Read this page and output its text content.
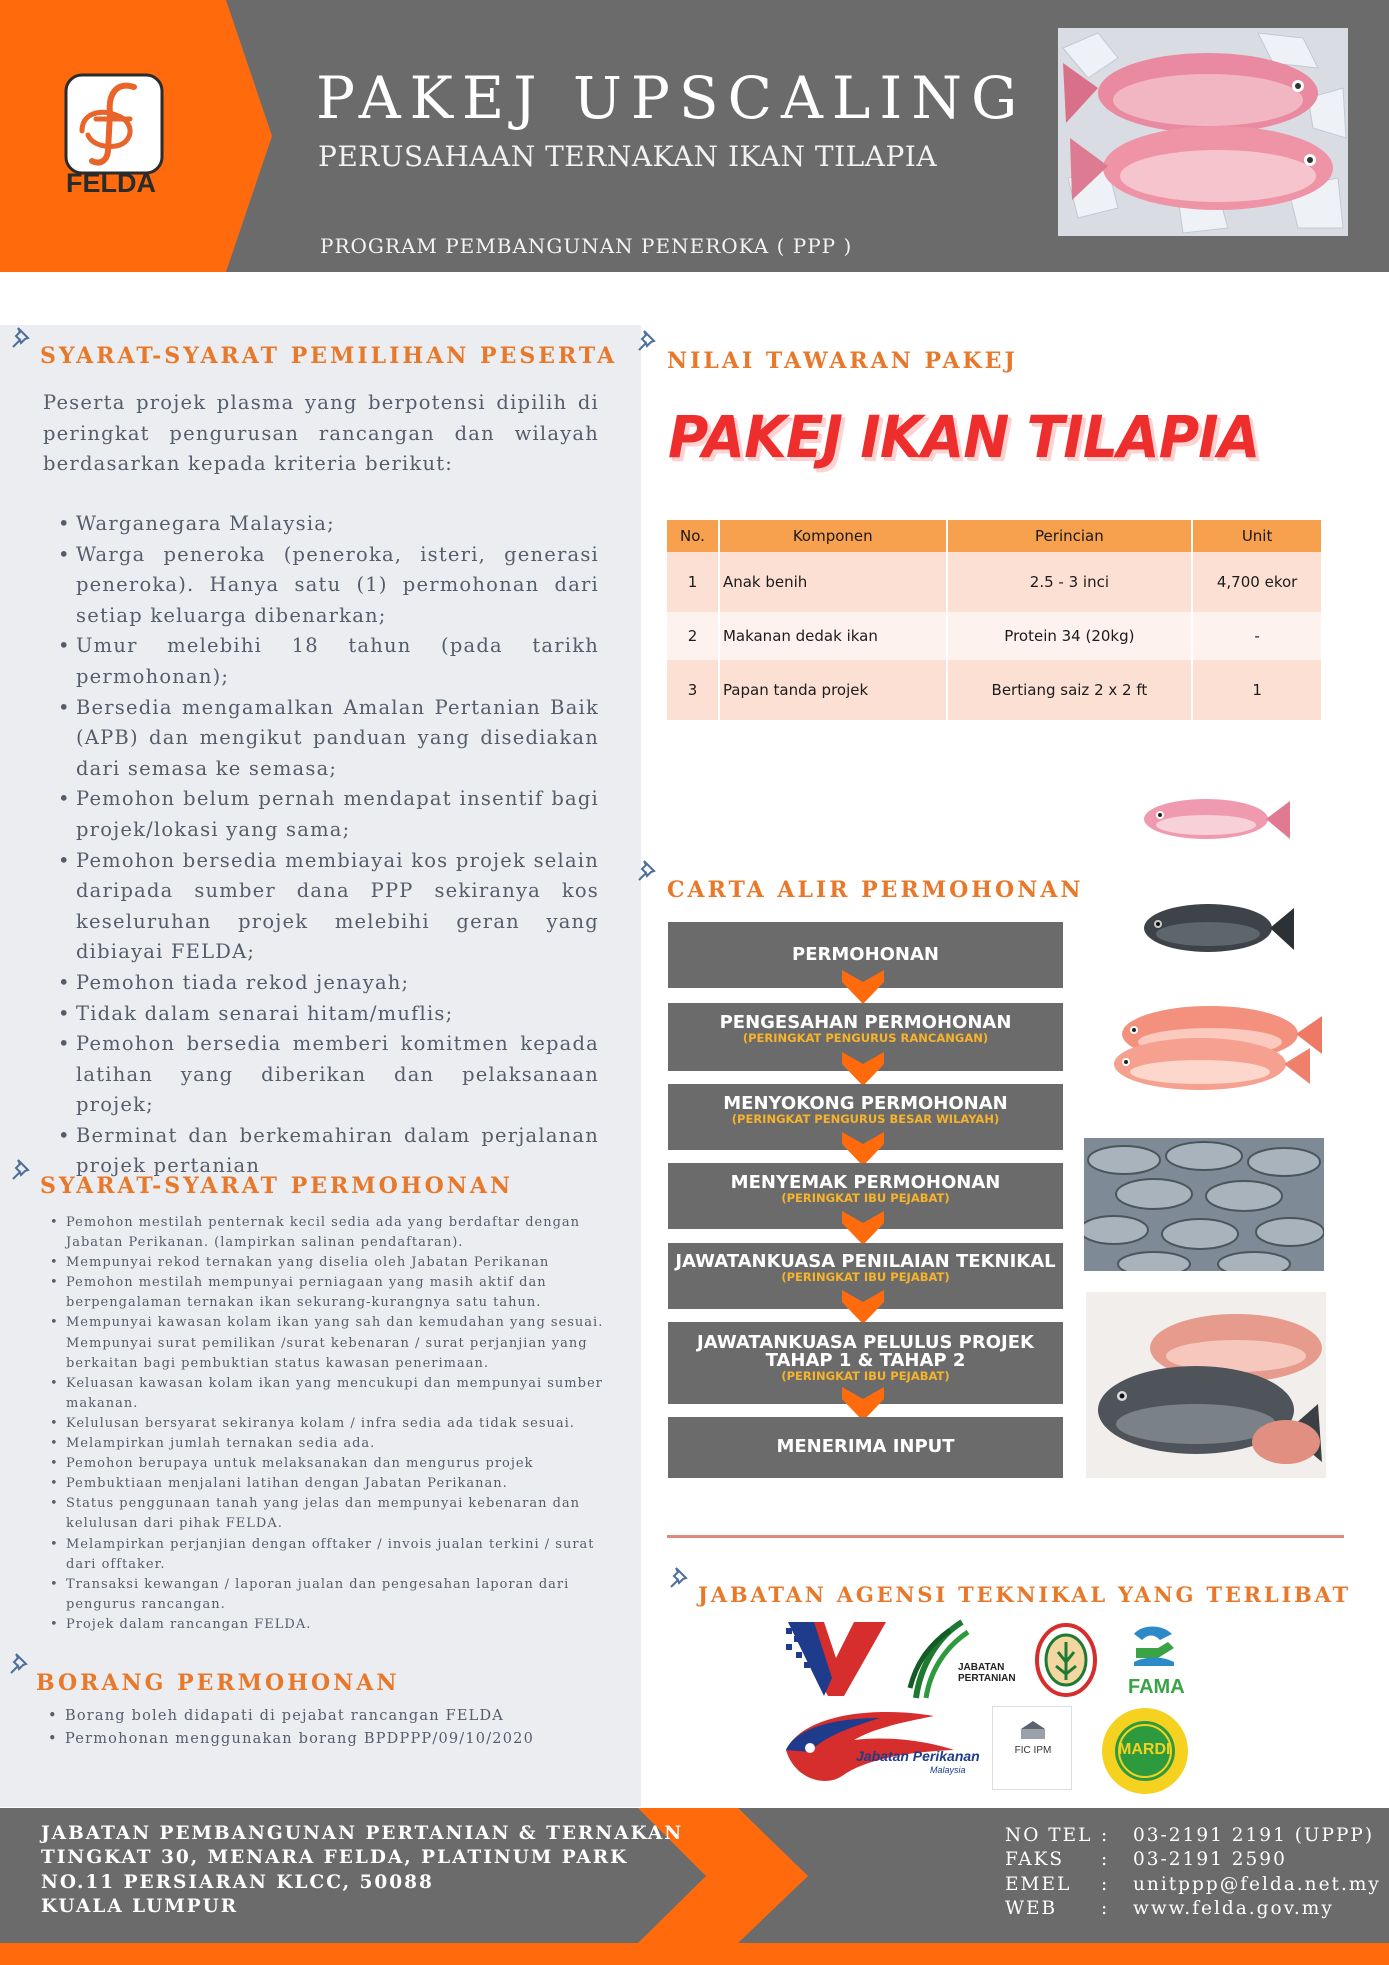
FELDA
PAKEJ UPSCALING
PERUSAHAAN TERNAKAN IKAN TILAPIA
PROGRAM PEMBANGUNAN PENEROKA ( PPP )
SYARAT-SYARAT PEMILIHAN PESERTA
Peserta projek plasma yang berpotensi dipilih di peringkat pengurusan rancangan dan wilayah berdasarkan kepada kriteria berikut:
• Warganegara Malaysia;
• Warga peneroka (peneroka, isteri, generasi peneroka). Hanya satu (1) permohonan dari setiap keluarga dibenarkan;
• Umur melebihi 18 tahun (pada tarikh permohonan);
• Bersedia mengamalkan Amalan Pertanian Baik (APB) dan mengikut panduan yang disediakan dari semasa ke semasa;
• Pemohon belum pernah mendapat insentif bagi projek/lokasi yang sama;
• Pemohon bersedia membiayai kos projek selain daripada sumber dana PPP sekiranya kos keseluruhan projek melebihi geran yang dibiayai FELDA;
• Pemohon tiada rekod jenayah;
• Tidak dalam senarai hitam/muflis;
• Pemohon bersedia memberi komitmen kepada latihan yang diberikan dan pelaksanaan projek;
• Berminat dan berkemahiran dalam perjalanan projek pertanian
SYARAT-SYARAT PERMOHONAN
• Pemohon mestilah penternak kecil sedia ada yang berdaftar dengan Jabatan Perikanan. (lampirkan salinan pendaftaran).
• Mempunyai rekod ternakan yang diselia oleh Jabatan Perikanan
• Pemohon mestilah mempunyai perniagaan yang masih aktif dan berpengalaman ternakan ikan sekurang-kurangnya satu tahun.
• Mempunyai kawasan kolam ikan yang sah dan kemudahan yang sesuai. Mempunyai surat pemilikan /surat kebenaran / surat perjanjian yang berkaitan bagi pembuktian status kawasan penerimaan.
• Keluasan kawasan kolam ikan yang mencukupi dan mempunyai sumber makanan.
• Kelulusan bersyarat sekiranya kolam / infra sedia ada tidak sesuai.
• Melampirkan jumlah ternakan sedia ada.
• Pemohon berupaya untuk melaksanakan dan mengurus projek
• Pembuktiaan menjalani latihan dengan Jabatan Perikanan.
• Status penggunaan tanah yang jelas dan mempunyai kebenaran dan kelulusan dari pihak FELDA.
• Melampirkan perjanjian dengan offtaker / invois jualan terkini / surat dari offtaker.
• Transaksi kewangan / laporan jualan dan pengesahan laporan dari pengurus rancangan.
• Projek dalam rancangan FELDA.
BORANG PERMOHONAN
• Borang boleh didapati di pejabat rancangan FELDA
• Permohonan menggunakan borang BPDPPP/09/10/2020
NILAI TAWARAN PAKEJ
PAKEJ IKAN TILAPIA
No.	Komponen	Perincian	Unit
1	Anak benih	2.5 - 3 inci	4,700 ekor
2	Makanan dedak ikan	Protein 34 (20kg)	-
3	Papan tanda projek	Bertiang saiz 2 x 2 ft	1
CARTA ALIR PERMOHONAN
PERMOHONAN
PENGESAHAN PERMOHONAN
(PERINGKAT PENGURUS RANCANGAN)
MENYOKONG PERMOHONAN
(PERINGKAT PENGURUS BESAR WILAYAH)
MENYEMAK PERMOHONAN
(PERINGKAT IBU PEJABAT)
JAWATANKUASA PENILAIAN TEKNIKAL
(PERINGKAT IBU PEJABAT)
JAWATANKUASA PELULUS PROJEK
TAHAP 1 & TAHAP 2
(PERINGKAT IBU PEJABAT)
MENERIMA INPUT
JABATAN AGENSI TEKNIKAL YANG TERLIBAT
JABATAN
PERTANIAN	FAMA
Jabatan Perikanan
Malaysia
FIC IPM	MARDI
JABATAN PEMBANGUNAN PERTANIAN & TERNAKAN
TINGKAT 30, MENARA FELDA, PLATINUM PARK
NO.11 PERSIARAN KLCC, 50088
KUALA LUMPUR
NO TEL :	03-2191 2191 (UPPP)
FAKS	:	03-2191 2590
EMEL	:	unitppp@felda.net.my
WEB	:	www.felda.gov.my
